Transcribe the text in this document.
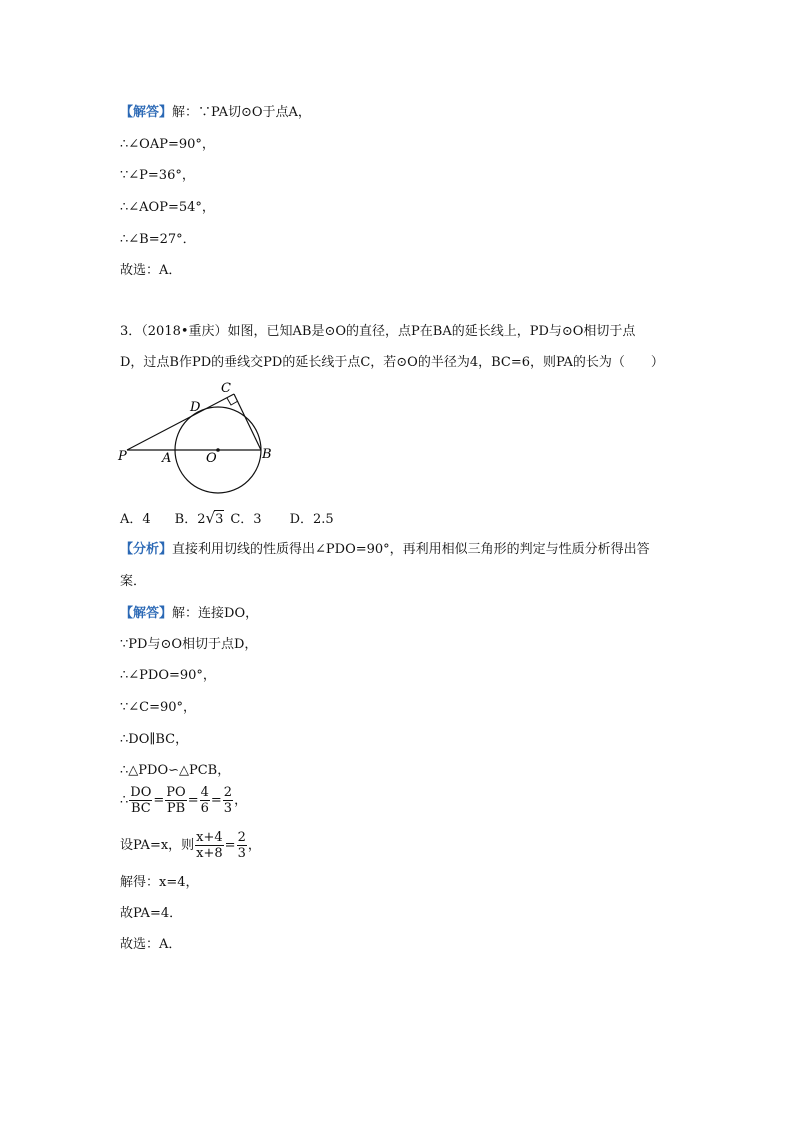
【解答】解：∵PA切⊙O于点A，
∴∠OAP=90°，
∵∠P=36°，
∴∠AOP=54°，
∴∠B=27°．
故选：A．
3．（2018•重庆）如图，已知AB是⊙O的直径，点P在BA的延长线上，PD与⊙O相切于点
D，过点B作PD的垂线交PD的延长线于点C，若⊙O的半径为4，BC=6，则PA的长为（　　）
P	A	O	B
C
D
A．4 B．2√3 C．3 D．2.5
【分析】直接利用切线的性质得出∠PDO=90°，再利用相似三角形的判定与性质分析得出答
案．
【解答】解：连接DO，
∵PD与⊙O相切于点D，
∴∠PDO=90°，
∵∠C=90°，
∴DO∥BC，
∴△PDO∽△PCB，
∴ $\frac{DO}{BC} = \frac{PO}{PB} = \frac{4}{6} = \frac{2}{3}$ ，
设PA=x，则 $\frac{x+4}{x+8} = \frac{2}{3}$ ，
解得：x=4，
故PA=4．
故选：A．
